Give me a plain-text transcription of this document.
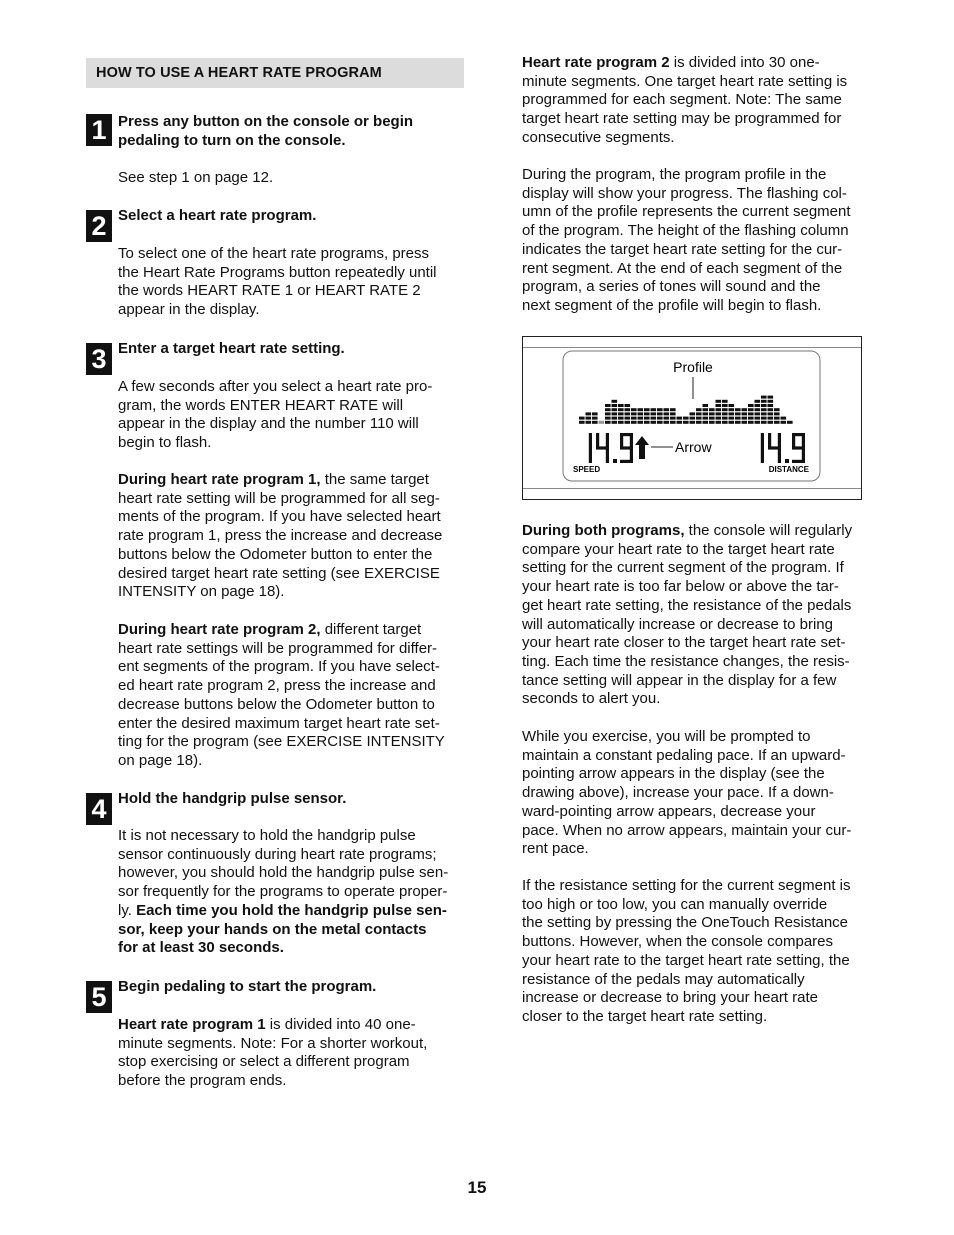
HOW TO USE A HEART RATE PROGRAM
1 Press any button on the console or begin pedaling to turn on the console.
See step 1 on page 12.
2 Select a heart rate program.
To select one of the heart rate programs, press
the Heart Rate Programs button repeatedly until
the words HEART RATE 1 or HEART RATE 2
appear in the display.
3 Enter a target heart rate setting.
A few seconds after you select a heart rate pro-
gram, the words ENTER HEART RATE will
appear in the display and the number 110 will
begin to flash.
During heart rate program 1, the same target
heart rate setting will be programmed for all seg-
ments of the program. If you have selected heart
rate program 1, press the increase and decrease
buttons below the Odometer button to enter the
desired target heart rate setting (see EXERCISE
INTENSITY on page 18).
During heart rate program 2, different target
heart rate settings will be programmed for differ-
ent segments of the program. If you have select-
ed heart rate program 2, press the increase and
decrease buttons below the Odometer button to
enter the desired maximum target heart rate set-
ting for the program (see EXERCISE INTENSITY
on page 18).
4 Hold the handgrip pulse sensor.
It is not necessary to hold the handgrip pulse
sensor continuously during heart rate programs;
however, you should hold the handgrip pulse sen-
sor frequently for the programs to operate proper-
ly. Each time you hold the handgrip pulse sen-
sor, keep your hands on the metal contacts
for at least 30 seconds.
5 Begin pedaling to start the program.
Heart rate program 1 is divided into 40 one-
minute segments. Note: For a shorter workout,
stop exercising or select a different program
before the program ends.
Heart rate program 2 is divided into 30 one-
minute segments. One target heart rate setting is
programmed for each segment. Note: The same
target heart rate setting may be programmed for
consecutive segments.
During the program, the program profile in the
display will show your progress. The flashing col-
umn of the profile represents the current segment
of the program. The height of the flashing column
indicates the target heart rate setting for the cur-
rent segment. At the end of each segment of the
program, a series of tones will sound and the
next segment of the profile will begin to flash.
Profile
Arrow
SPEED	DISTANCE
During both programs, the console will regularly
compare your heart rate to the target heart rate
setting for the current segment of the program. If
your heart rate is too far below or above the tar-
get heart rate setting, the resistance of the pedals
will automatically increase or decrease to bring
your heart rate closer to the target heart rate set-
ting. Each time the resistance changes, the resis-
tance setting will appear in the display for a few
seconds to alert you.
While you exercise, you will be prompted to
maintain a constant pedaling pace. If an upward-
pointing arrow appears in the display (see the
drawing above), increase your pace. If a down-
ward-pointing arrow appears, decrease your
pace. When no arrow appears, maintain your cur-
rent pace.
If the resistance setting for the current segment is
too high or too low, you can manually override
the setting by pressing the OneTouch Resistance
buttons. However, when the console compares
your heart rate to the target heart rate setting, the
resistance of the pedals may automatically
increase or decrease to bring your heart rate
closer to the target heart rate setting.
15
